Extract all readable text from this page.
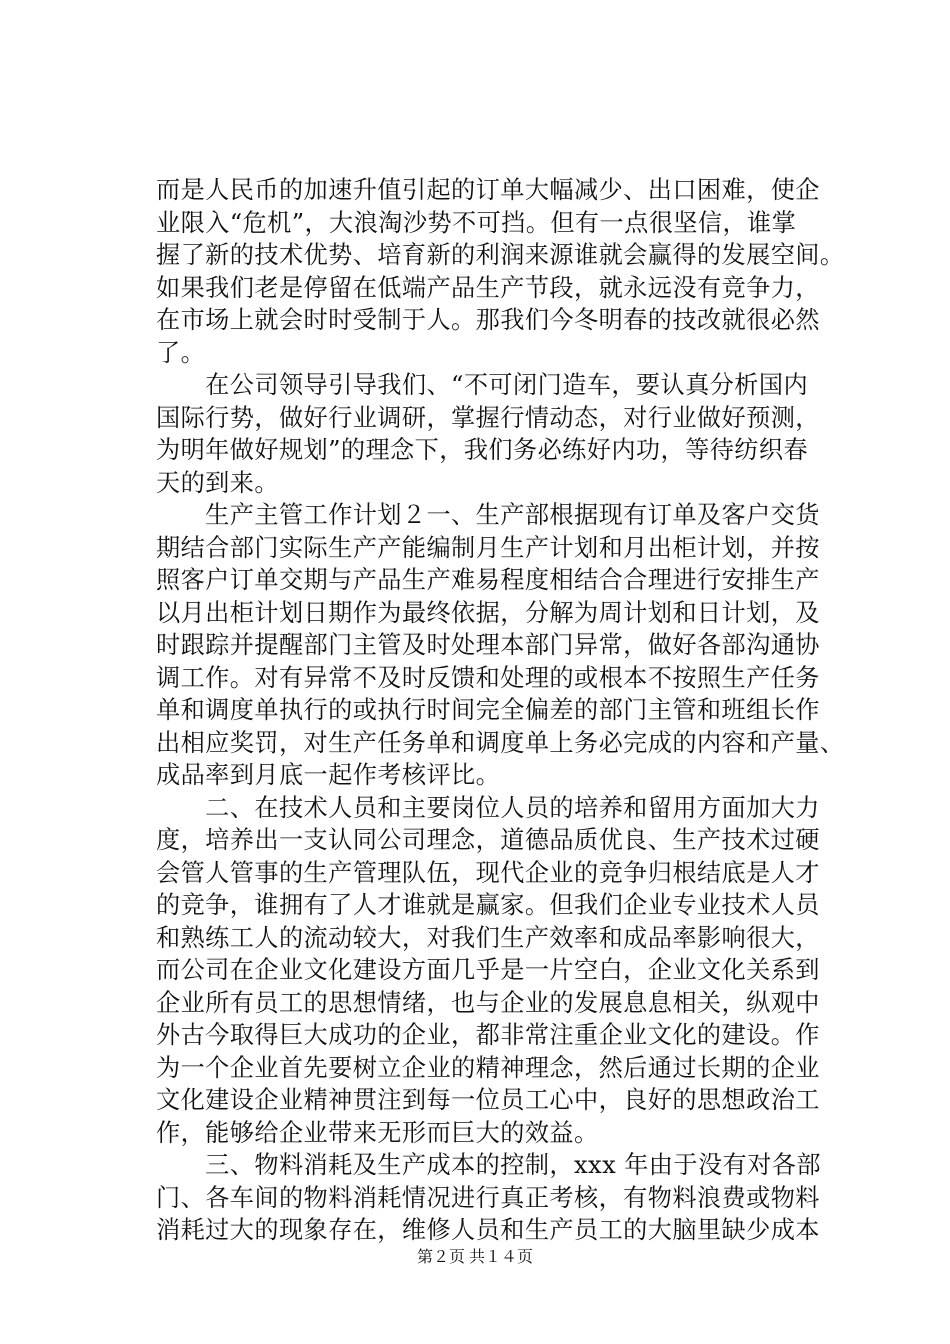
而是人民币的加速升值引起的订单大幅减少、出口困难，使企
业限入“危机”，大浪淘沙势不可挡。但有一点很坚信，谁掌
握了新的技术优势、培育新的利润来源谁就会赢得的发展空间。
如果我们老是停留在低端产品生产节段，就永远没有竞争力，
在市场上就会时时受制于人。那我们今冬明春的技改就很必然
了。
　　在公司领导引导我们、“不可闭门造车，要认真分析国内
国际行势，做好行业调研，掌握行情动态，对行业做好预测，
为明年做好规划”的理念下，我们务必练好内功，等待纺织春
天的到来。
　　生产主管工作计划２一、生产部根据现有订单及客户交货
期结合部门实际生产产能编制月生产计划和月出柜计划，并按
照客户订单交期与产品生产难易程度相结合合理进行安排生产
以月出柜计划日期作为最终依据，分解为周计划和日计划，及
时跟踪并提醒部门主管及时处理本部门异常，做好各部沟通协
调工作。对有异常不及时反馈和处理的或根本不按照生产任务
单和调度单执行的或执行时间完全偏差的部门主管和班组长作
出相应奖罚，对生产任务单和调度单上务必完成的内容和产量、
成品率到月底一起作考核评比。
　　二、在技术人员和主要岗位人员的培养和留用方面加大力
度，培养出一支认同公司理念，道德品质优良、生产技术过硬
会管人管事的生产管理队伍，现代企业的竞争归根结底是人才
的竞争，谁拥有了人才谁就是赢家。但我们企业专业技术人员
和熟练工人的流动较大，对我们生产效率和成品率影响很大，
而公司在企业文化建设方面几乎是一片空白，企业文化关系到
企业所有员工的思想情绪，也与企业的发展息息相关，纵观中
外古今取得巨大成功的企业，都非常注重企业文化的建设。作
为一个企业首先要树立企业的精神理念，然后通过长期的企业
文化建设企业精神贯注到每一位员工心中，良好的思想政治工
作，能够给企业带来无形而巨大的效益。
　　三、物料消耗及生产成本的控制，xxx 年由于没有对各部
门、各车间的物料消耗情况进行真正考核，有物料浪费或物料
消耗过大的现象存在，维修人员和生产员工的大脑里缺少成本
第２页 共１４页
